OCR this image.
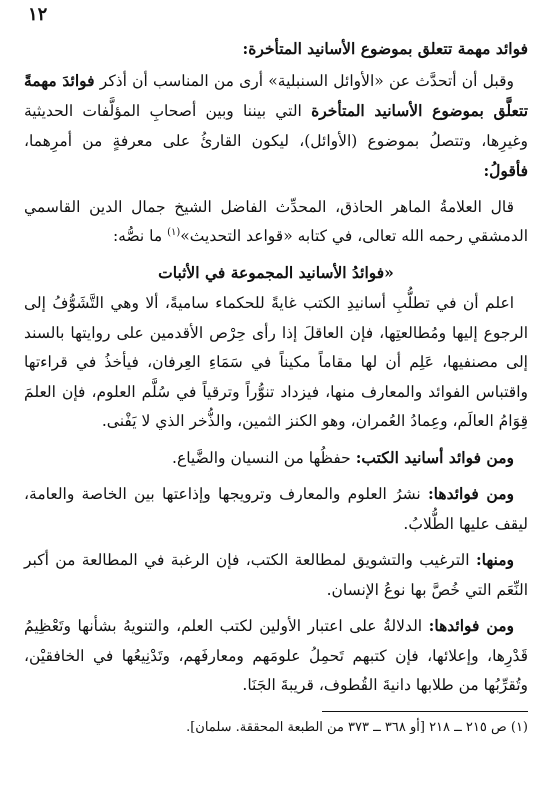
١٢
فوائد مهمة تتعلق بموضوع الأسانيد المتأخرة:

وقبل أن أتحدَّث عن «الأوائل السنبلية» أرى من المناسب أن أذكر فوائدَ مهمةً تتعلَّق بموضوع الأسانيد المتأخرة التي بيننا وبين أصحابِ المؤلَّفات الحديثية وغيرِها، وتتصلُ بموضوع (الأوائل)، ليكون القارئُ على معرفةٍ من أمرِهما، فأقولُ:

قال العلامةُ الماهر الحاذق، المحدِّث الفاضل الشيخ جمال الدين القاسمي الدمشقي رحمه الله تعالى، في كتابه «قواعد التحديث»$^{(١)}$ ما نصُّه:

«فوائدُ الأسانيد المجموعة في الأثبات

اعلم أن في تطلُّبِ أسانيدِ الكتب غايةً للحكماء ساميةً، ألا وهي التَّشَوُّفُ إلى الرجوع إليها ومُطالعتِها، فإن العاقلَ إذا رأى حِرْص الأقدمين على روايتها بالسند إلى مصنفيها، عَلِم أن لها مقاماً مكيناً في سَمَاءِ العِرفان، فيأخذُ في قراءتها واقتباس الفوائد والمعارف منها، فيزداد تنوُّراً وترقياً في سُلَّم العلوم، فإن العلمَ قِوَامُ العالَم، وعِمادُ العُمران، وهو الكنز الثمين، والذُّخر الذي لا يَفْنى.

ومن فوائد أسانيد الكتب: حفظُها من النسيان والضَّياع.

ومن فوائدها: نشرُ العلوم والمعارف وترويجها وإذاعتها بين الخاصة والعامة، ليقف عليها الطُّلابُ.

ومنها: الترغيب والتشويق لمطالعة الكتب، فإن الرغبة في المطالعة من أكبر النِّعَم التي خُصَّ بها نوعُ الإنسان.

ومن فوائدها: الدلالةُ على اعتبار الأولين لكتب العلم، والتنويهُ بشأنها وتَعْظِيمُ قَدْرِها، وإعلائها، فإن كتبهم تَحمِلُ علومَهم ومعارفَهم، وتَدْنِيعُها في الخافقيْن، وتُقرِّبُها من طلابها دانيةَ القُطوف، قريبةَ الجَنَا.

(١) ص ٢١٥ ــ ٢١٨ [أو ٣٦٨ ــ ٣٧٣ من الطبعة المحققة. سلمان].
